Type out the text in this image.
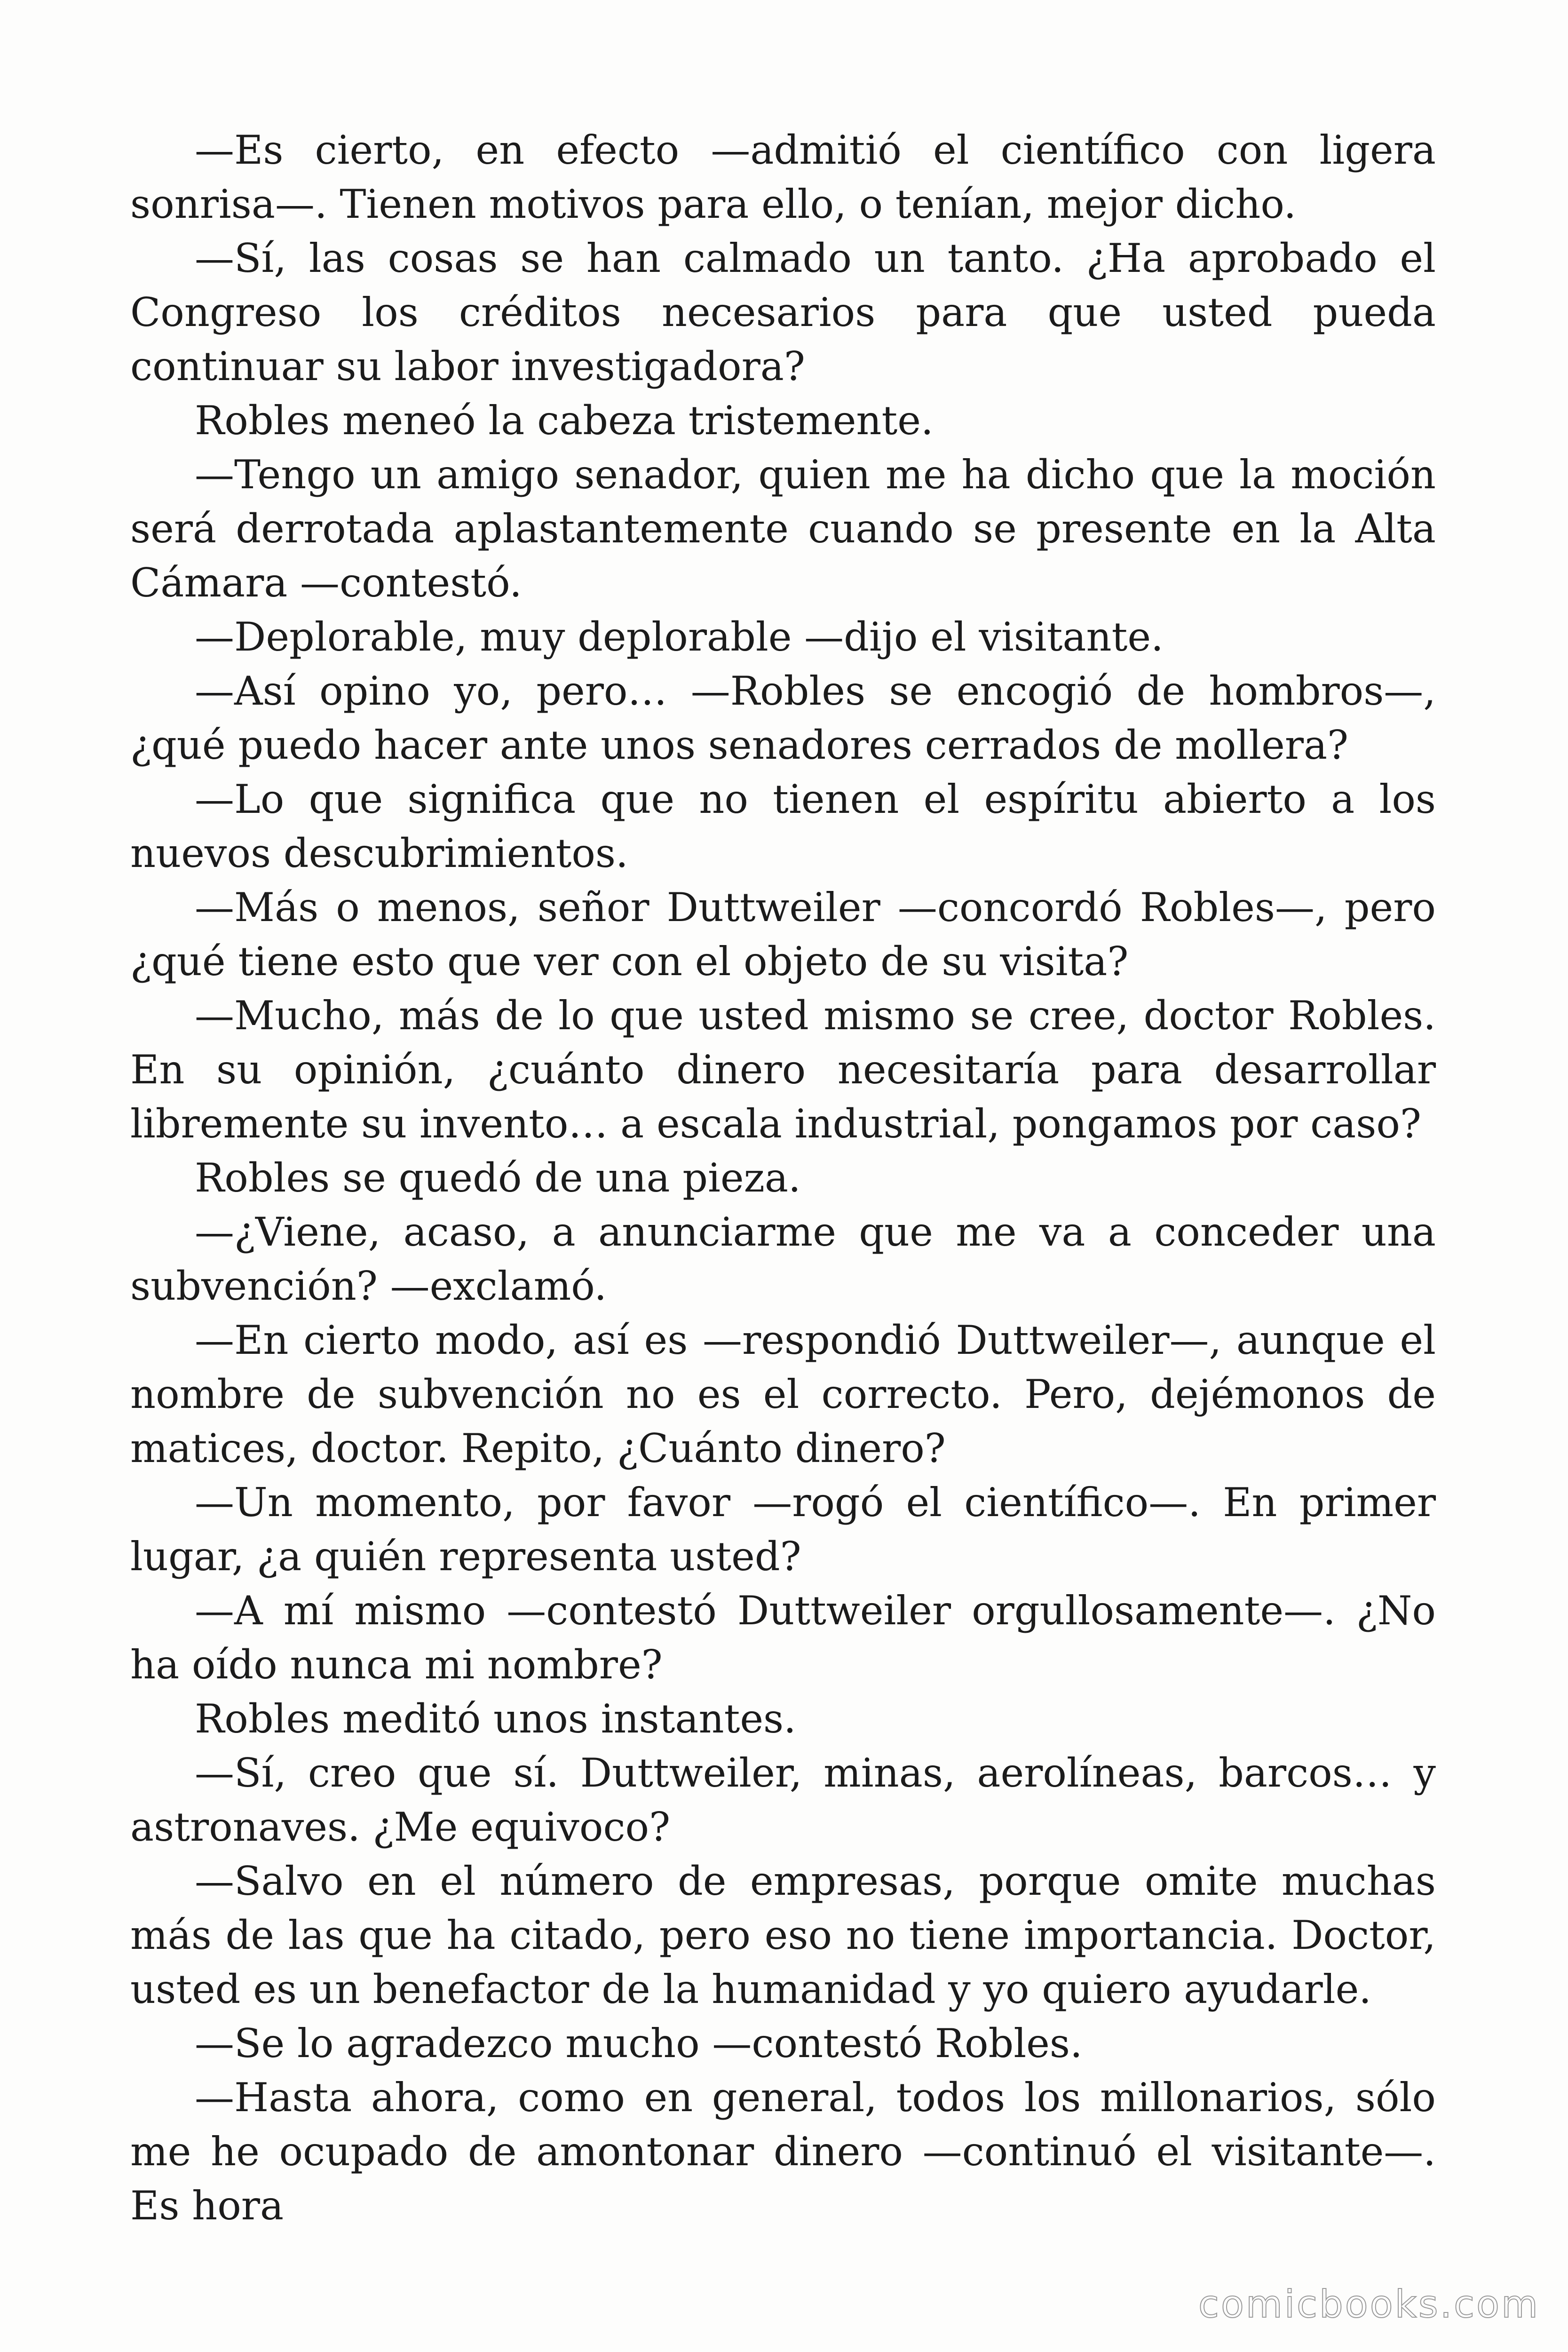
—Es cierto, en efecto —admitió el científico con ligera sonrisa—. Tienen motivos para ello, o tenían, mejor dicho.

—Sí, las cosas se han calmado un tanto. ¿Ha aprobado el Congreso los créditos necesarios para que usted pueda continuar su labor investigadora?

Robles meneó la cabeza tristemente.

—Tengo un amigo senador, quien me ha dicho que la moción será derrotada aplastantemente cuando se presente en la Alta Cámara —contestó.

—Deplorable, muy deplorable —dijo el visitante.

—Así opino yo, pero… —Robles se encogió de hombros—, ¿qué puedo hacer ante unos senadores cerrados de mollera?

—Lo que significa que no tienen el espíritu abierto a los nuevos descubrimientos.

—Más o menos, señor Duttweiler —concordó Robles—, pero ¿qué tiene esto que ver con el objeto de su visita?

—Mucho, más de lo que usted mismo se cree, doctor Robles. En su opinión, ¿cuánto dinero necesitaría para desarrollar libremente su invento… a escala industrial, pongamos por caso?

Robles se quedó de una pieza.

—¿Viene, acaso, a anunciarme que me va a conceder una subvención? —exclamó.

—En cierto modo, así es —respondió Duttweiler—, aunque el nombre de subvención no es el correcto. Pero, dejémonos de matices, doctor. Repito, ¿Cuánto dinero?

—Un momento, por favor —rogó el científico—. En primer lugar, ¿a quién representa usted?

—A mí mismo —contestó Duttweiler orgullosamente—. ¿No ha oído nunca mi nombre?

Robles meditó unos instantes.

—Sí, creo que sí. Duttweiler, minas, aerolíneas, barcos… y astronaves. ¿Me equivoco?

—Salvo en el número de empresas, porque omite muchas más de las que ha citado, pero eso no tiene importancia. Doctor, usted es un benefactor de la humanidad y yo quiero ayudarle.

—Se lo agradezco mucho —contestó Robles.

—Hasta ahora, como en general, todos los millonarios, sólo me he ocupado de amontonar dinero —continuó el visitante—. Es hora

comicbooks.com
